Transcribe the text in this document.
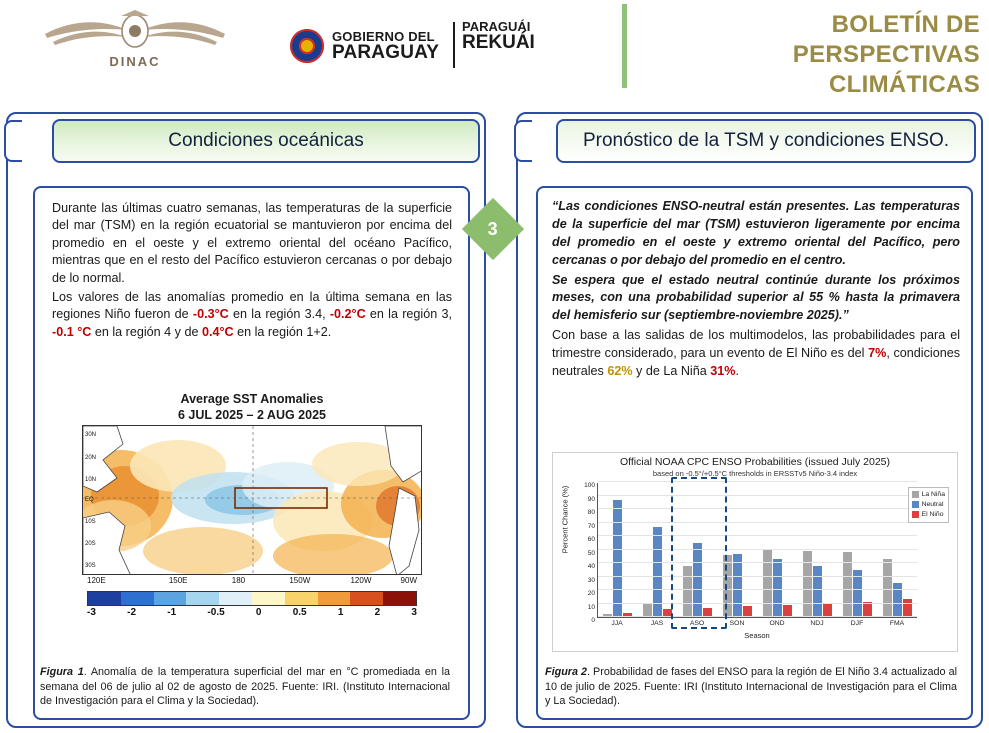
DINAC
GOBIERNO DEL
PARAGUAY
PARAGUÁI
REKUÁI
BOLETÍN DE PERSPECTIVAS
CLIMÁTICAS
Condiciones oceánicas	Pronóstico de la TSM y condiciones ENSO.
3

Durante las últimas cuatro semanas, las temperaturas de la superficie del mar (TSM) en la región ecuatorial se mantuvieron por encima del promedio en el oeste y el extremo oriental del océano Pacífico, mientras que en el resto del Pacífico estuvieron cercanas o por debajo de lo normal.

Los valores de las anomalías promedio en la última semana en las regiones Niño fueron de -0.3°C en la región 3.4, -0.2°C en la región 3, -0.1 °C en la región 4 y de 0.4°C en la región 1+2.

Average SST Anomalies
6 JUL 2025 – 2 AUG 2025
30N
20N
10N
EQ
10S
20S
30S
120E	150E	180	150W	120W	90W
-3	-2	-1	-0.5	0	0.5	1	2	3
Figura 1. Anomalía de la temperatura superficial del mar en °C promediada en la semana del 06 de julio al 02 de agosto de 2025. Fuente: IRI. (Instituto Internacional de Investigación para el Clima y la Sociedad).

“Las condiciones ENSO-neutral están presentes. Las temperaturas de la superficie del mar (TSM) estuvieron ligeramente por encima del promedio en el oeste y extremo oriental del Pacífico, pero cercanas o por debajo del promedio en el centro.

Se espera que el estado neutral continúe durante los próximos meses, con una probabilidad superior al 55 % hasta la primavera del hemisferio sur (septiembre-noviembre 2025).”

Con base a las salidas de los multimodelos, las probabilidades para el trimestre considerado, para un evento de El Niño es del 7%, condiciones neutrales 62% y de La Niña 31%.

Official NOAA CPC ENSO Probabilities (issued July 2025)
based on -0.5°/+0.5°C thresholds in ERSSTv5 Niño-3.4 index
0
10
20
30
40
50
60
70
80
90
100
Percent Chance (%)
JJA	JAS	ASO	SON	OND	NDJ	DJF	FMA
Season
La Niña
Neutral
El Niño
Figura 2. Probabilidad de fases del ENSO para la región de El Niño 3.4 actualizado al 10 de julio de 2025. Fuente: IRI (Instituto Internacional de Investigación para el Clima y La Sociedad).
